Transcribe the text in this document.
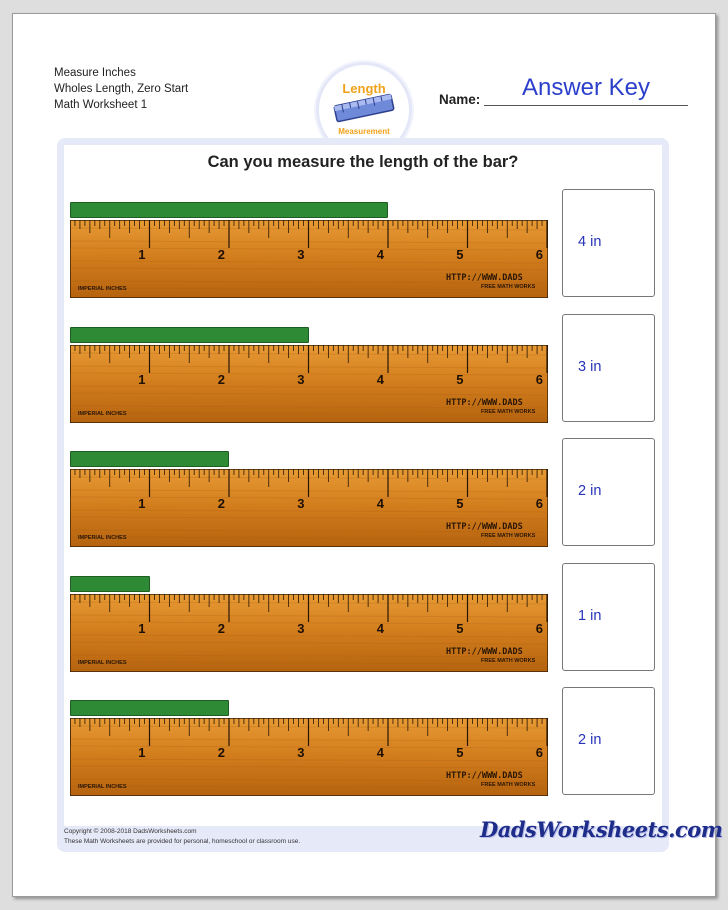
Measure Inches
Wholes Length, Zero Start
Math Worksheet 1
Length
Measurement
Name:	Answer Key
Can you measure the length of the bar?
1	2	3	4	5	6
IMPERIAL INCHES
HTTP://WWW.DADS
FREE MATH WORKS
4 in
1	2	3	4	5	6
IMPERIAL INCHES
HTTP://WWW.DADS
FREE MATH WORKS
3 in
1	2	3	4	5	6
IMPERIAL INCHES
HTTP://WWW.DADS
FREE MATH WORKS
2 in
1	2	3	4	5	6
IMPERIAL INCHES
HTTP://WWW.DADS
FREE MATH WORKS
1 in
1	2	3	4	5	6
IMPERIAL INCHES
HTTP://WWW.DADS
FREE MATH WORKS
2 in
Copyright © 2008-2018 DadsWorksheets.com
These Math Worksheets are provided for personal, homeschool or classroom use.	DadsWorksheets.com
